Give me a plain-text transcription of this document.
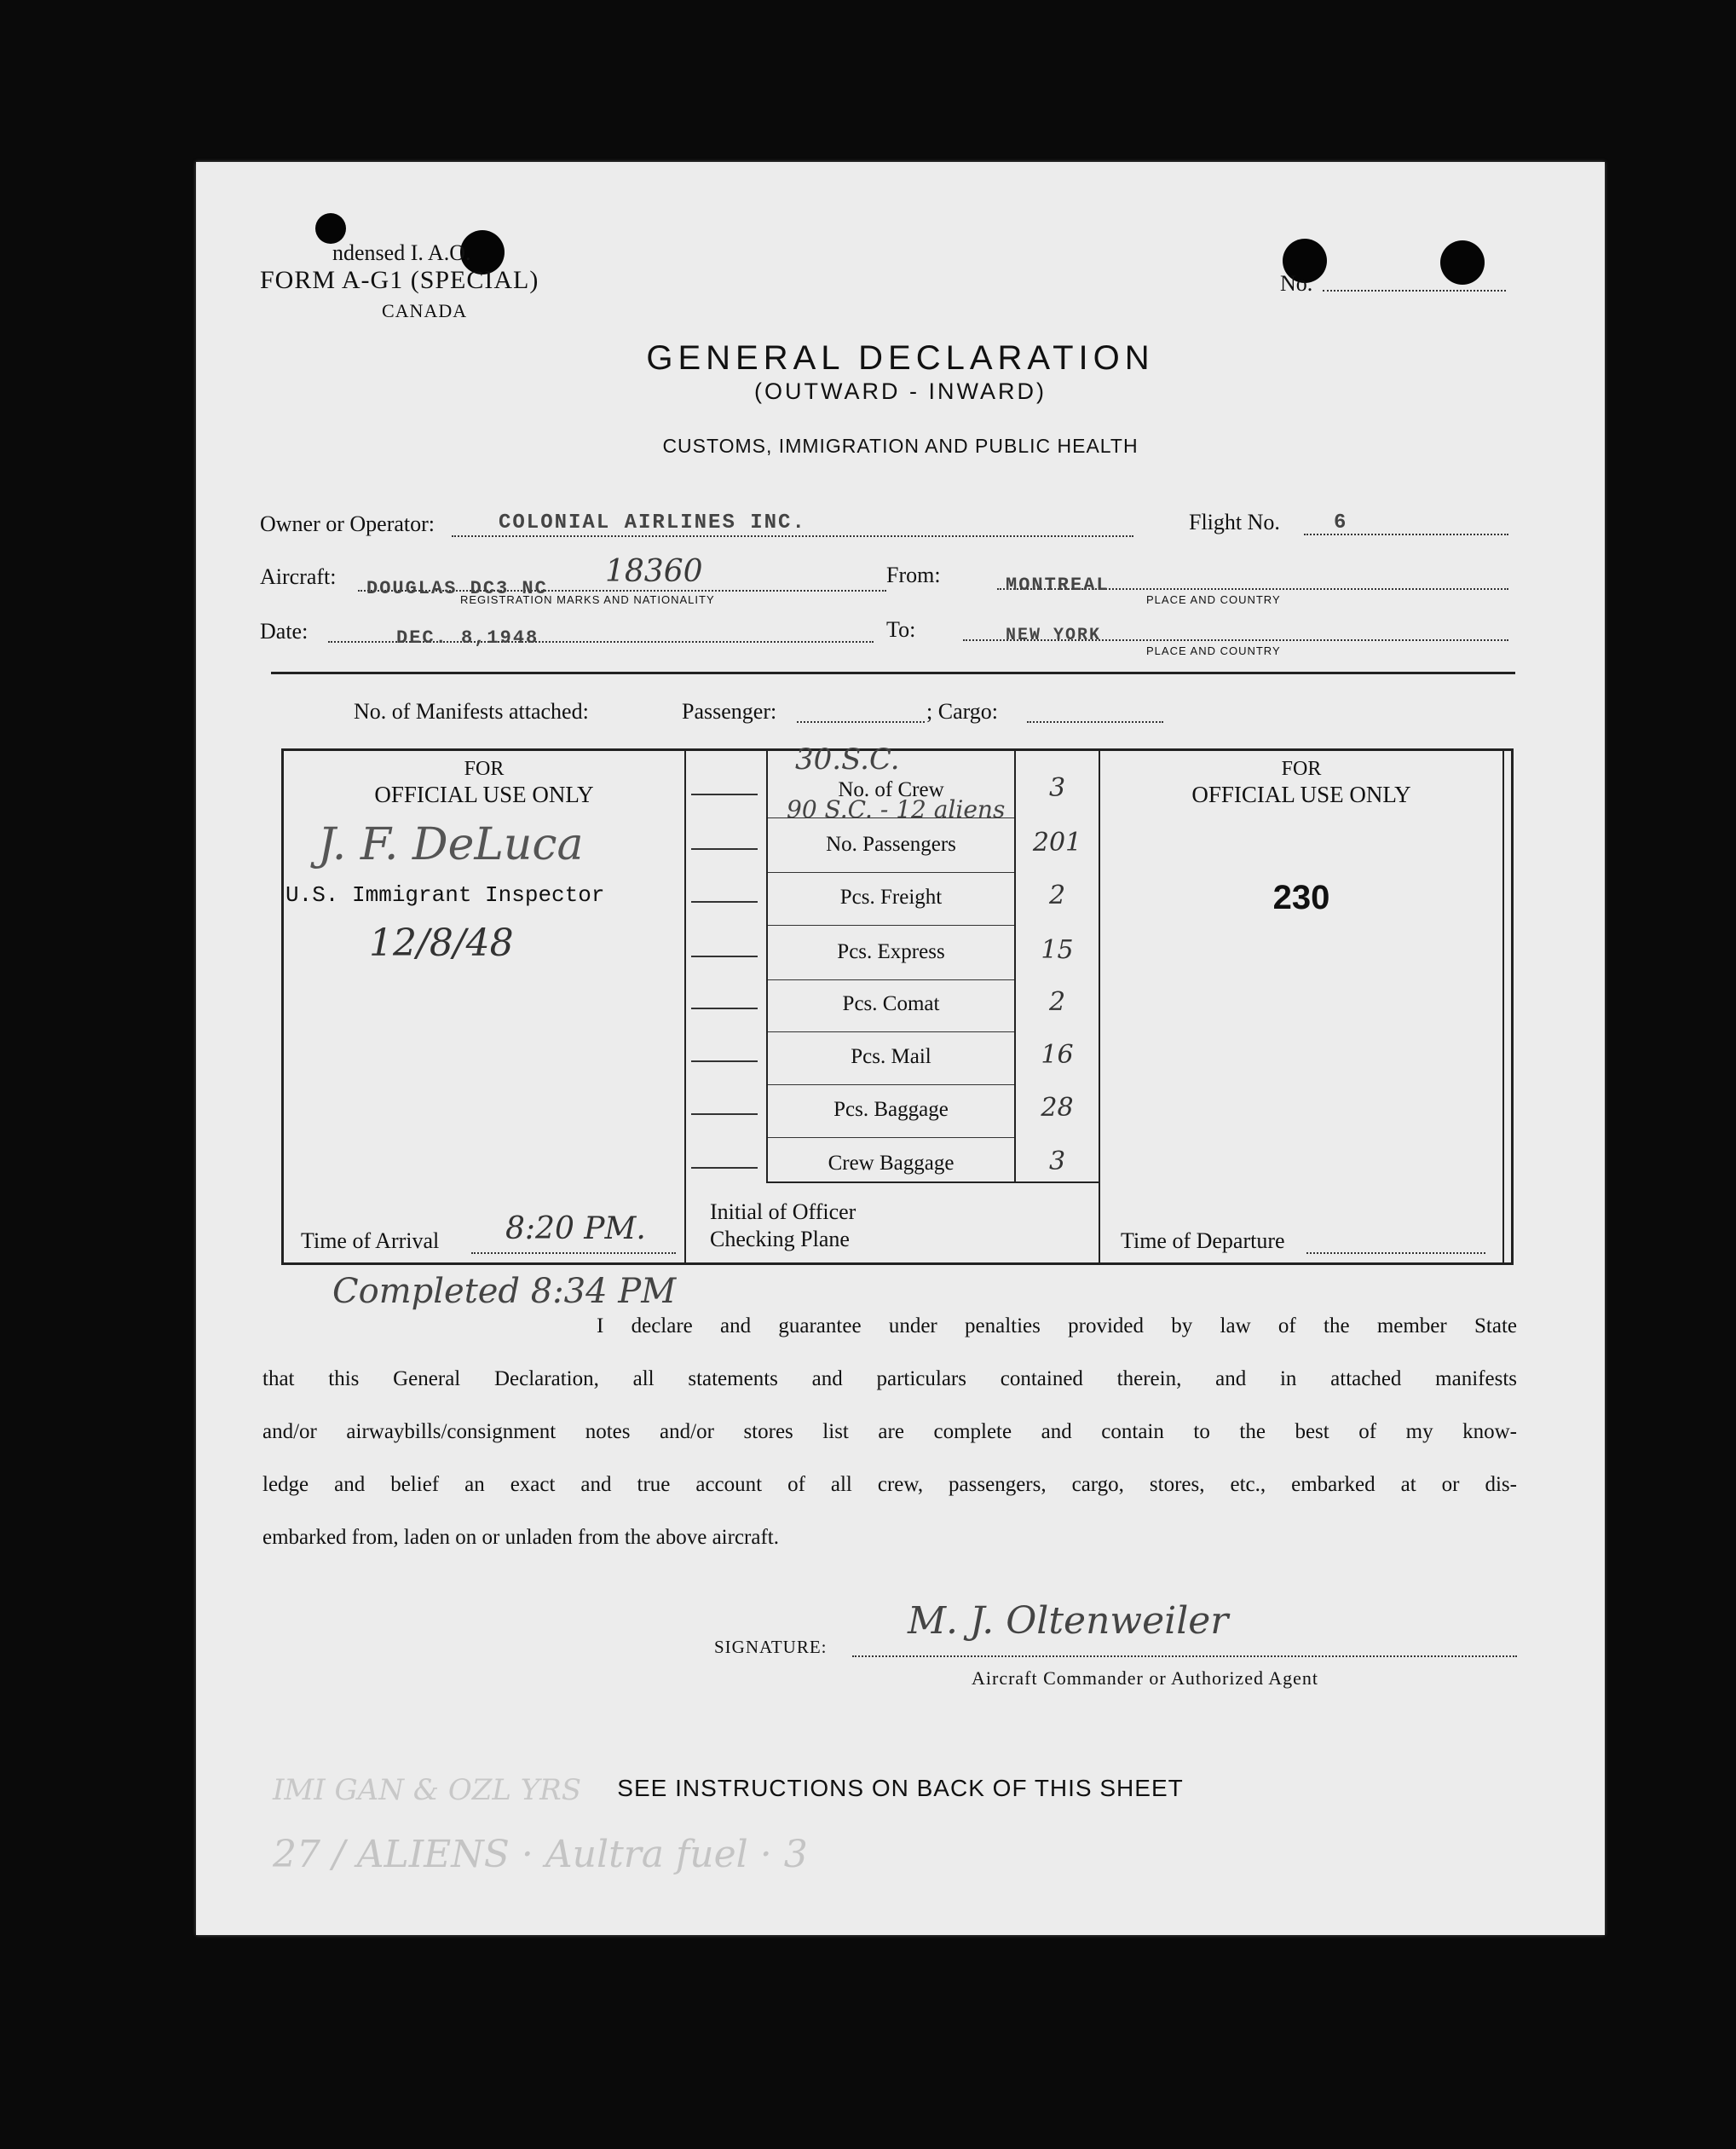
ndensed I. A.O.
FORM A-G1 (SPECIAL)
CANADA
No.
GENERAL DECLARATION
(OUTWARD - INWARD)
CUSTOMS, IMMIGRATION AND PUBLIC HEALTH
Owner or Operator:	COLONIAL AIRLINES INC.	Flight No.	6
Aircraft: DOUGLAS DC3 NC 18360
REGISTRATION MARKS AND NATIONALITY
From:	MONTREAL
PLACE AND COUNTRY
Date:	DEC. 8,1948	To:	NEW YORK
PLACE AND COUNTRY
No. of Manifests attached:	Passenger:	; Cargo:
FOR
OFFICIAL USE ONLY
J. F. DeLuca
U.S. Immigrant Inspector
12/8/48
Time of Arrival 8:20 PM.
No. of Crew	3
No. Passengers	201
Pcs. Freight	2
Pcs. Express	15
Pcs. Comat	2
Pcs. Mail	16
Pcs. Baggage	28
Crew Baggage	3
30.S.C.
90 S.C. - 12 aliens
Initial of Officer
Checking Plane
FOR
OFFICIAL USE ONLY
230
Time of Departure
Completed 8:34 PM
I declare and guarantee under penalties provided by law of the member State
that this General Declaration, all statements and particulars contained therein, and in attached manifests
and/or airwaybills/consignment notes and/or stores list are complete and contain to the best of my know-
ledge and belief an exact and true account of all crew, passengers, cargo, stores, etc., embarked at or dis-
embarked from, laden on or unladen from the above aircraft.
SIGNATURE:
M. J. Oltenweiler
Aircraft Commander or Authorized Agent
SEE INSTRUCTIONS ON BACK OF THIS SHEET
IMI GAN & OZL YRS
27 / ALIENS · Aultra fuel · 3
